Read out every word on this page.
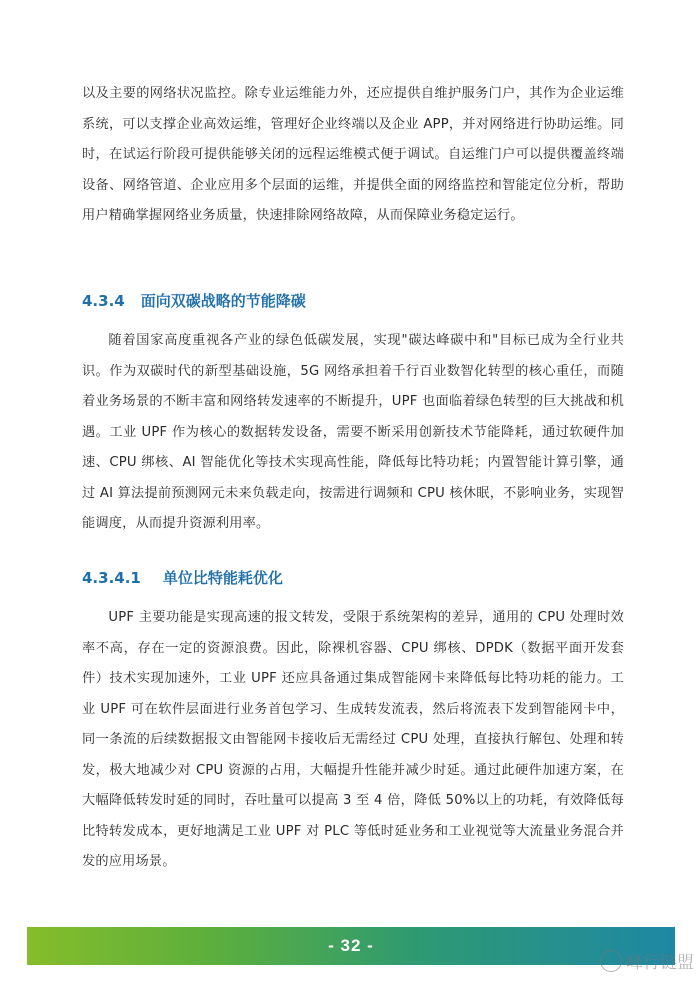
以及主要的网络状况监控。除专业运维能力外，还应提供自维护服务门户，其作为企业运维系统，可以支撑企业高效运维，管理好企业终端以及企业 APP，并对网络进行协助运维。同时，在试运行阶段可提供能够关闭的远程运维模式便于调试。自运维门户可以提供覆盖终端设备、网络管道、企业应用多个层面的运维，并提供全面的网络监控和智能定位分析，帮助用户精确掌握网络业务质量，快速排除网络故障，从而保障业务稳定运行。

4.3.4 面向双碳战略的节能降碳

随着国家高度重视各产业的绿色低碳发展，实现"碳达峰碳中和"目标已成为全行业共识。作为双碳时代的新型基础设施，5G 网络承担着千行百业数智化转型的核心重任，而随着业务场景的不断丰富和网络转发速率的不断提升，UPF 也面临着绿色转型的巨大挑战和机遇。工业 UPF 作为核心的数据转发设备，需要不断采用创新技术节能降耗，通过软硬件加速、CPU 绑核、AI 智能优化等技术实现高性能，降低每比特功耗；内置智能计算引擎，通过 AI 算法提前预测网元未来负载走向，按需进行调频和 CPU 核休眠，不影响业务，实现智能调度，从而提升资源利用率。

4.3.4.1 单位比特能耗优化

UPF 主要功能是实现高速的报文转发，受限于系统架构的差异，通用的 CPU 处理时效率不高，存在一定的资源浪费。因此，除裸机容器、CPU 绑核、DPDK（数据平面开发套件）技术实现加速外，工业 UPF 还应具备通过集成智能网卡来降低每比特功耗的能力。工业 UPF 可在软件层面进行业务首包学习、生成转发流表，然后将流表下发到智能网卡中，同一条流的后续数据报文由智能网卡接收后无需经过 CPU 处理，直接执行解包、处理和转发，极大地减少对 CPU 资源的占用，大幅提升性能并减少时延。通过此硬件加速方案，在大幅降低转发时延的同时，吞吐量可以提高 3 至 4 倍，降低 50%以上的功耗，有效降低每比特转发成本，更好地满足工业 UPF 对 PLC 等低时延业务和工业视觉等大流量业务混合并发的应用场景。

- 32 -
峰行链盟
